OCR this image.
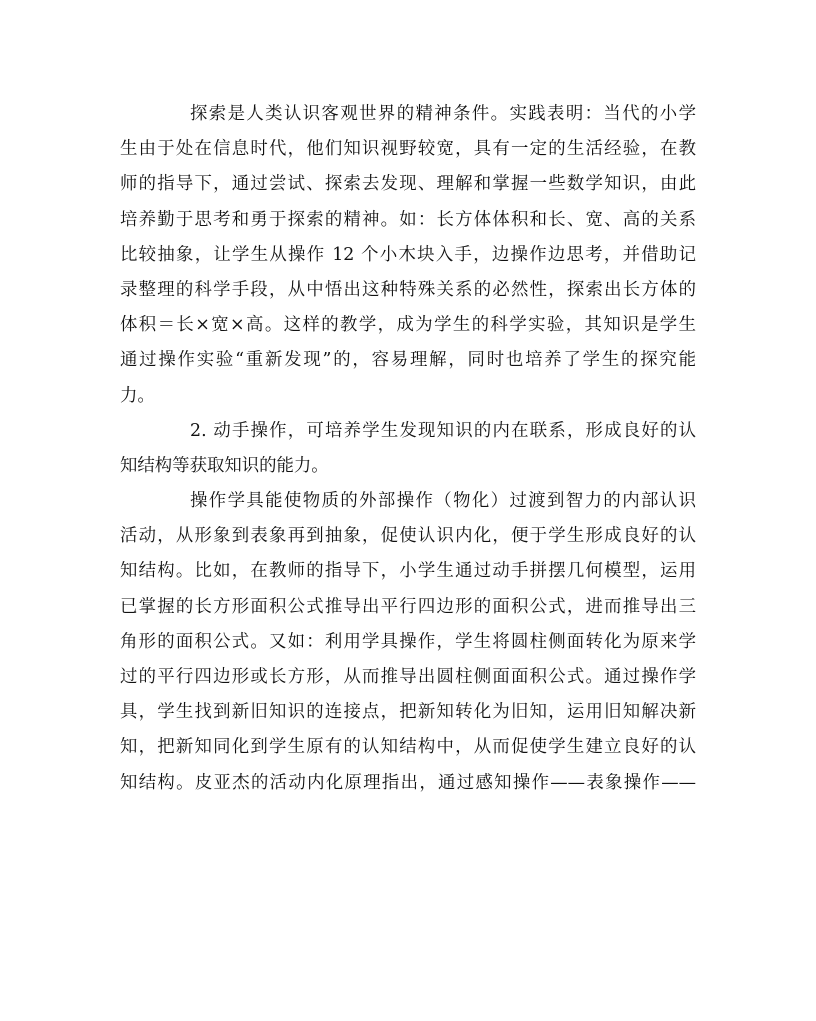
探索是人类认识客观世界的精神条件。实践表明：当代的小学
生由于处在信息时代，他们知识视野较宽，具有一定的生活经验，在教
师的指导下，通过尝试、探索去发现、理解和掌握一些数学知识，由此
培养勤于思考和勇于探索的精神。如：长方体体积和长、宽、高的关系
比较抽象，让学生从操作 12 个小木块入手，边操作边思考，并借助记
录整理的科学手段，从中悟出这种特殊关系的必然性，探索出长方体的
体积＝长×宽×高。这样的教学，成为学生的科学实验，其知识是学生
通过操作实验“重新发现”的，容易理解，同时也培养了学生的探究能
力。
2. 动手操作，可培养学生发现知识的内在联系，形成良好的认
知结构等获取知识的能力。
操作学具能使物质的外部操作（物化）过渡到智力的内部认识
活动，从形象到表象再到抽象，促使认识内化，便于学生形成良好的认
知结构。比如，在教师的指导下，小学生通过动手拼摆几何模型，运用
已掌握的长方形面积公式推导出平行四边形的面积公式，进而推导出三
角形的面积公式。又如：利用学具操作，学生将圆柱侧面转化为原来学
过的平行四边形或长方形，从而推导出圆柱侧面面积公式。通过操作学
具，学生找到新旧知识的连接点，把新知转化为旧知，运用旧知解决新
知，把新知同化到学生原有的认知结构中，从而促使学生建立良好的认
知结构。皮亚杰的活动内化原理指出，通过感知操作——表象操作——
